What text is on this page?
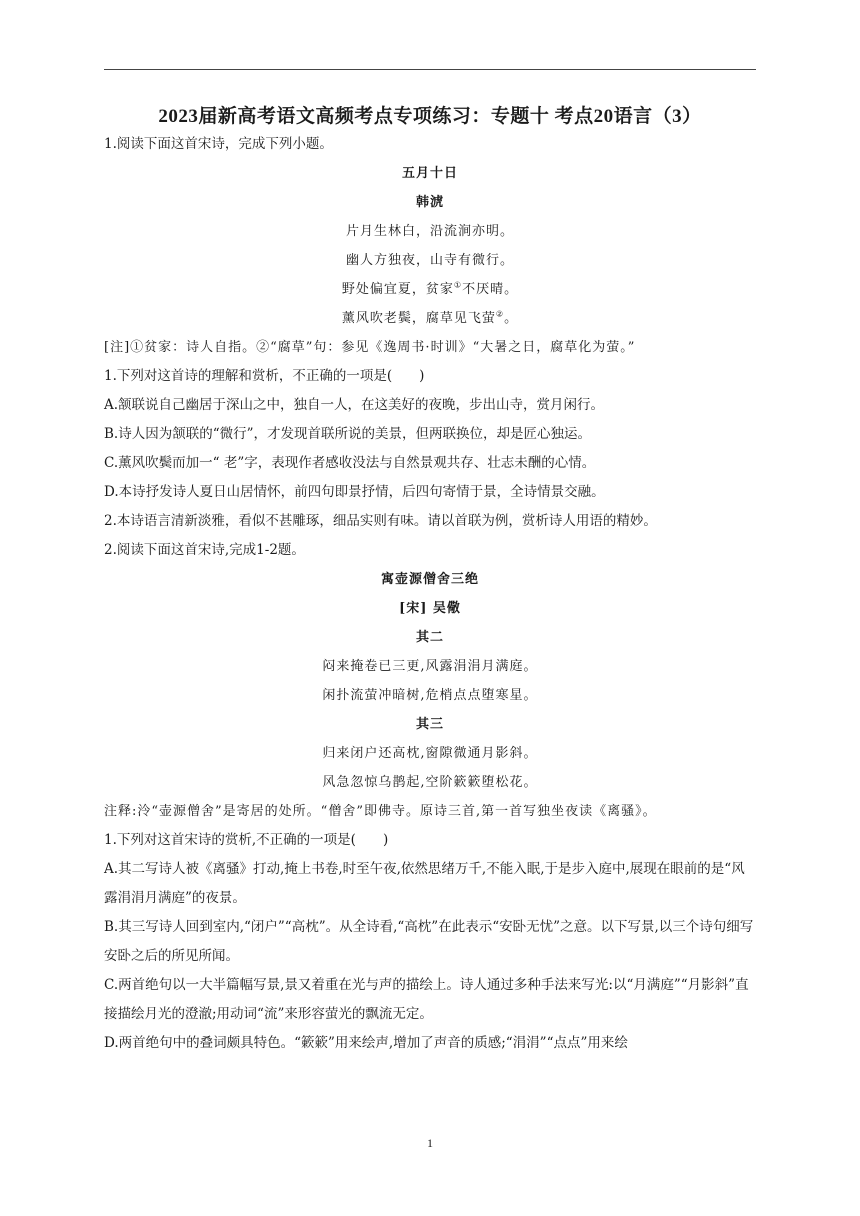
2023届新高考语文高频考点专项练习：专题十 考点20语言（3）

1.阅读下面这首宋诗，完成下列小题。

五月十日

韩淲

片月生林白，沿流涧亦明。

幽人方独夜，山寺有微行。

野处偏宜夏，贫家①不厌晴。

薰风吹老鬓，腐草见飞萤②。

[注]①贫家：诗人自指。②“腐草”句：参见《逸周书·时训》“大暑之日，腐草化为萤。”

1.下列对这首诗的理解和赏析，不正确的一项是(　　)

A.颔联说自己幽居于深山之中，独自一人，在这美好的夜晚，步出山寺，赏月闲行。

B.诗人因为颔联的“微行”，才发现首联所说的美景，但两联换位，却是匠心独运。

C.薰风吹鬓而加一“ 老”字，表现作者感收没法与自然景观共存、壮志未酬的心情。

D.本诗抒发诗人夏日山居情怀，前四句即景抒情，后四句寄情于景，全诗情景交融。

2.本诗语言清新淡雅，看似不甚雕琢，细品实则有味。请以首联为例，赏析诗人用语的精妙。

2.阅读下面这首宋诗,完成1-2题。

寓壶源僧舍三绝

[宋] 吴儆

其二

闷来掩卷已三更,风露涓涓月满庭。

闲扑流萤冲暗树,危梢点点堕寒星。

其三

归来闭户还高枕,窗隙微通月影斜。

风急忽惊乌鹊起,空阶簌簌堕松花。

注释:泠“壶源僧舍”是寄居的处所。“僧舍”即佛寺。原诗三首,第一首写独坐夜读《离骚》。

1.下列对这首宋诗的赏析,不正确的一项是(　　)

A.其二写诗人被《离骚》打动,掩上书卷,时至午夜,依然思绪万千,不能入眠,于是步入庭中,展现在眼前的是“风露涓涓月满庭”的夜景。

B.其三写诗人回到室内,“闭户”“高枕”。从全诗看,“高枕”在此表示“安卧无忧”之意。以下写景,以三个诗句细写安卧之后的所见所闻。

C.两首绝句以一大半篇幅写景,景又着重在光与声的描绘上。诗人通过多种手法来写光:以“月满庭”“月影斜”直接描绘月光的澄澈;用动词“流”来形容萤光的飘流无定。

D.两首绝句中的叠词颇具特色。“簌簌”用来绘声,增加了声音的质感;“涓涓”“点点”用来绘

1
